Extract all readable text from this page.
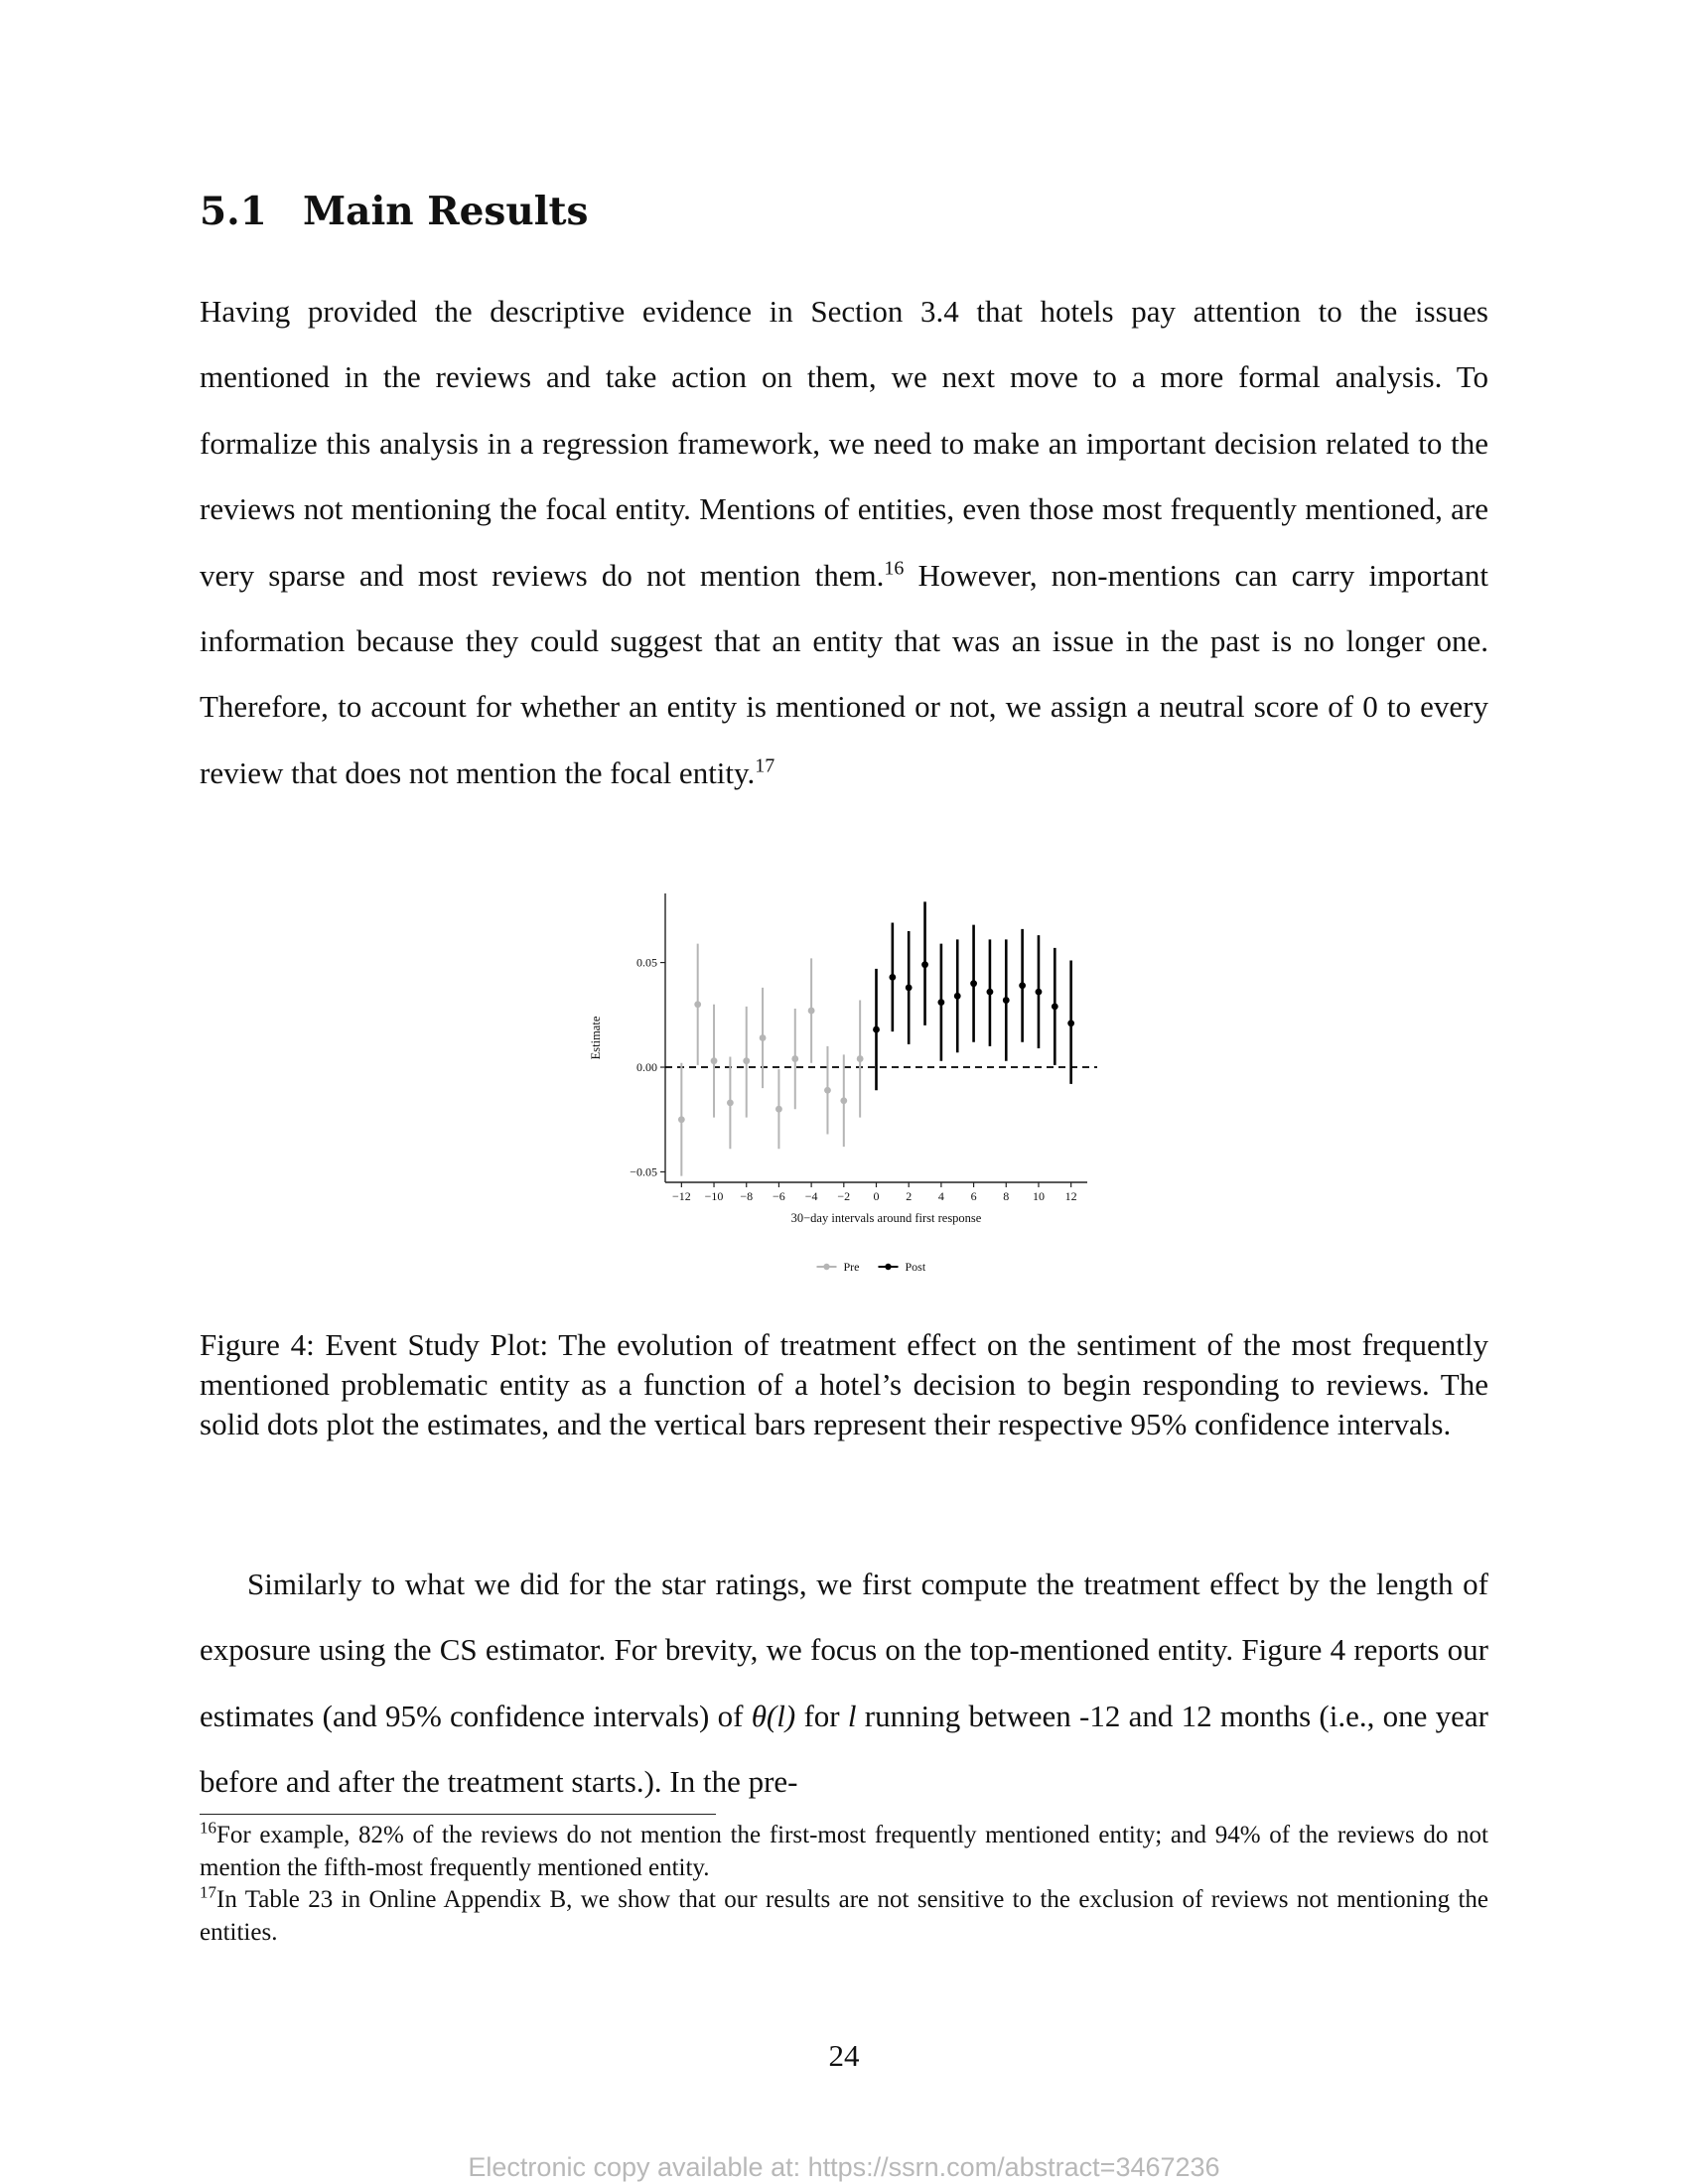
5.1 Main Results

Having provided the descriptive evidence in Section 3.4 that hotels pay attention to the issues mentioned in the reviews and take action on them, we next move to a more formal analysis. To formalize this analysis in a regression framework, we need to make an important decision related to the reviews not mentioning the focal entity. Mentions of entities, even those most frequently mentioned, are very sparse and most reviews do not mention them.$^{16}$ However, non-mentions can carry important information because they could suggest that an entity that was an issue in the past is no longer one. Therefore, to account for whether an entity is mentioned or not, we assign a neutral score of 0 to every review that does not mention the focal entity.$^{17}$

−0.05
0.00
0.05
−12 −10 −8 −6 −4 −2 0 2 4 6 8 10 12
30−day intervals around first response
Estimate
Pre	Post

Figure 4: Event Study Plot: The evolution of treatment effect on the sentiment of the most frequently mentioned problematic entity as a function of a hotel’s decision to begin responding to reviews. The solid dots plot the estimates, and the vertical bars represent their respective 95% confidence intervals.

Similarly to what we did for the star ratings, we first compute the treatment effect by the length of exposure using the CS estimator. For brevity, we focus on the top-mentioned entity. Figure 4 reports our estimates (and 95% confidence intervals) of θ(l) for l running between -12 and 12 months (i.e., one year before and after the treatment starts.). In the pre-

$^{16}$For example, 82% of the reviews do not mention the first-most frequently mentioned entity; and 94% of the reviews do not mention the fifth-most frequently mentioned entity.

$^{17}$In Table 23 in Online Appendix B, we show that our results are not sensitive to the exclusion of reviews not mentioning the entities.

24

Electronic copy available at: https://ssrn.com/abstract=3467236
